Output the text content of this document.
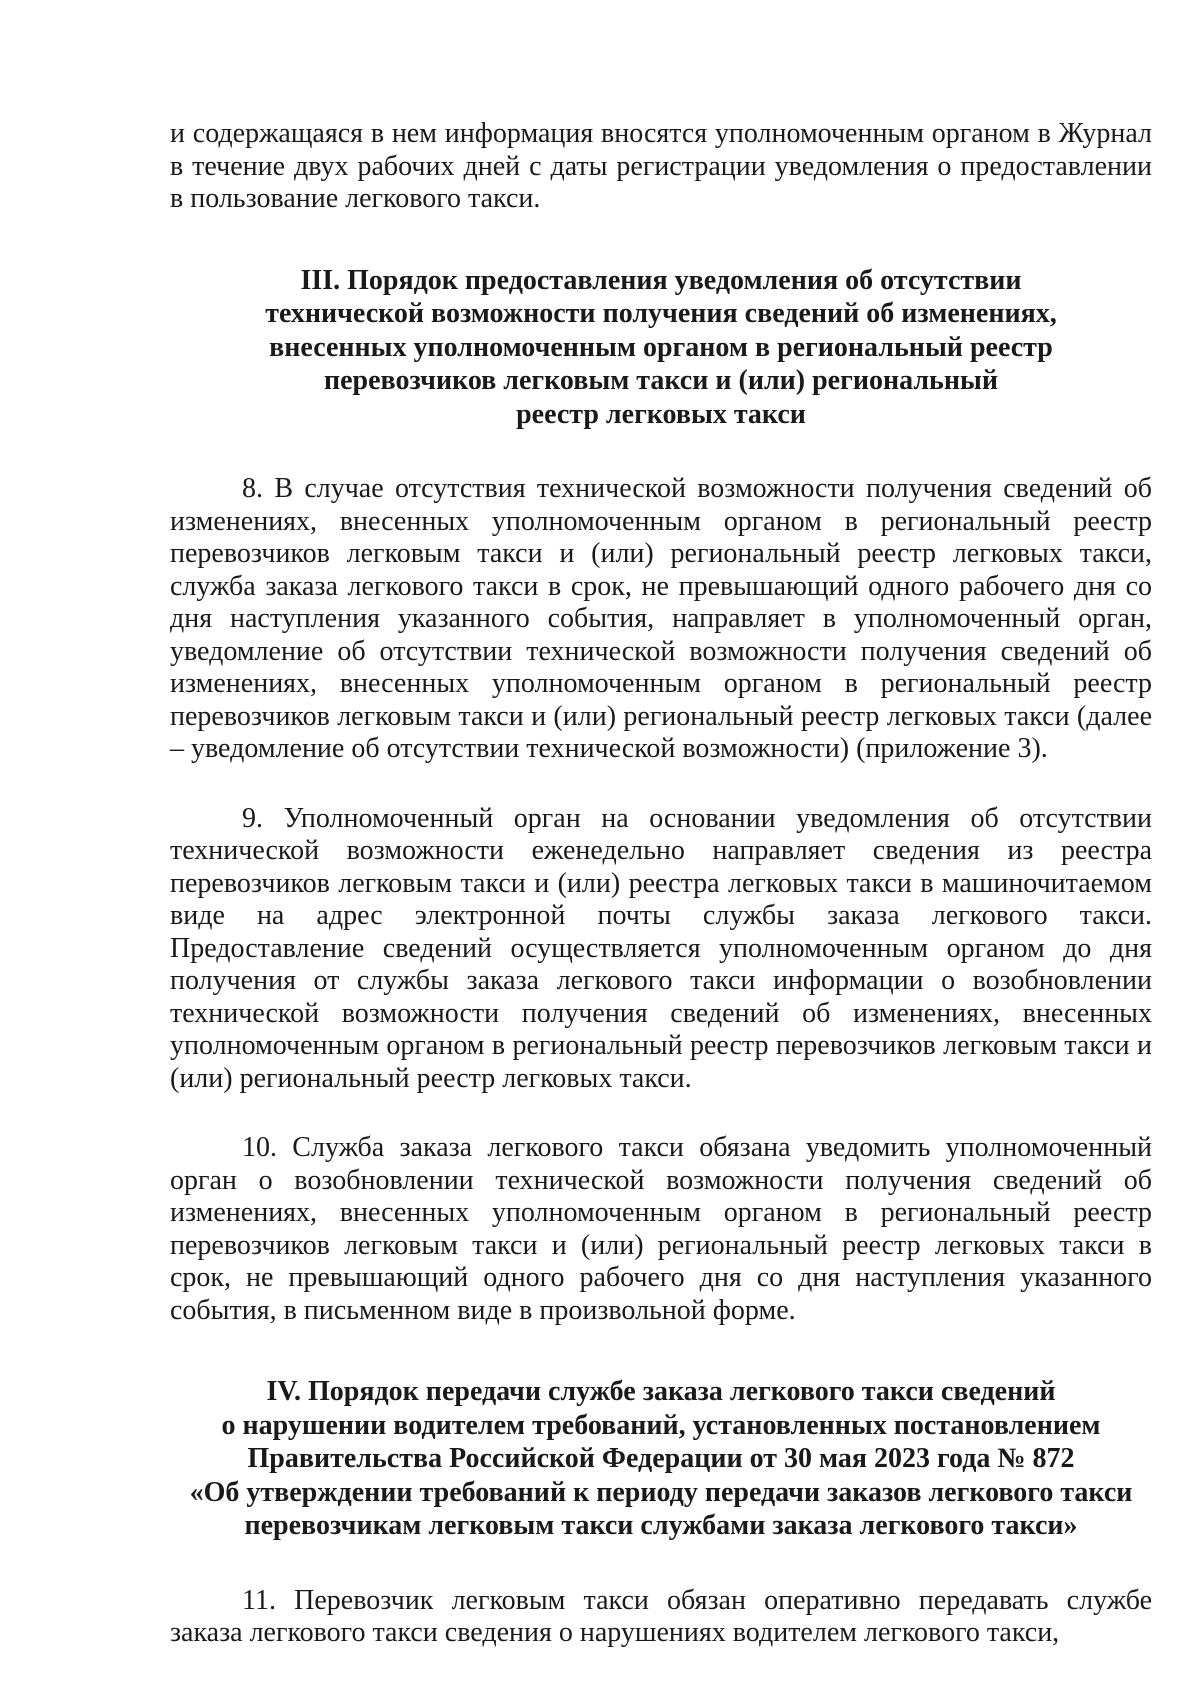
и содержащаяся в нем информация вносятся уполномоченным органом в Журнал в течение двух рабочих дней с даты регистрации уведомления о предоставлении в пользование легкового такси.

III. Порядок предоставления уведомления об отсутствии
технической возможности получения сведений об изменениях,
внесенных уполномоченным органом в региональный реестр
перевозчиков легковым такси и (или) региональный
реестр легковых такси

8. В случае отсутствия технической возможности получения сведений об изменениях, внесенных уполномоченным органом в региональный реестр перевозчиков легковым такси и (или) региональный реестр легковых такси, служба заказа легкового такси в срок, не превышающий одного рабочего дня со дня наступления указанного события, направляет в уполномоченный орган, уведомление об отсутствии технической возможности получения сведений об изменениях, внесенных уполномоченным органом в региональный реестр перевозчиков легковым такси и (или) региональный реестр легковых такси (далее – уведомление об отсутствии технической возможности) (приложение 3).

9. Уполномоченный орган на основании уведомления об отсутствии технической возможности еженедельно направляет сведения из реестра перевозчиков легковым такси и (или) реестра легковых такси в машиночитаемом виде на адрес электронной почты службы заказа легкового такси. Предоставление сведений осуществляется уполномоченным органом до дня получения от службы заказа легкового такси информации о возобновлении технической возможности получения сведений об изменениях, внесенных уполномоченным органом в региональный реестр перевозчиков легковым такси и (или) региональный реестр легковых такси.

10. Служба заказа легкового такси обязана уведомить уполномоченный орган о возобновлении технической возможности получения сведений об изменениях, внесенных уполномоченным органом в региональный реестр перевозчиков легковым такси и (или) региональный реестр легковых такси в срок, не превышающий одного рабочего дня со дня наступления указанного события, в письменном виде в произвольной форме.

IV. Порядок передачи службе заказа легкового такси сведений
о нарушении водителем требований, установленных постановлением
Правительства Российской Федерации от 30 мая 2023 года № 872
«Об утверждении требований к периоду передачи заказов легкового такси
перевозчикам легковым такси службами заказа легкового такси»

11. Перевозчик легковым такси обязан оперативно передавать службе заказа легкового такси сведения о нарушениях водителем легкового такси,
